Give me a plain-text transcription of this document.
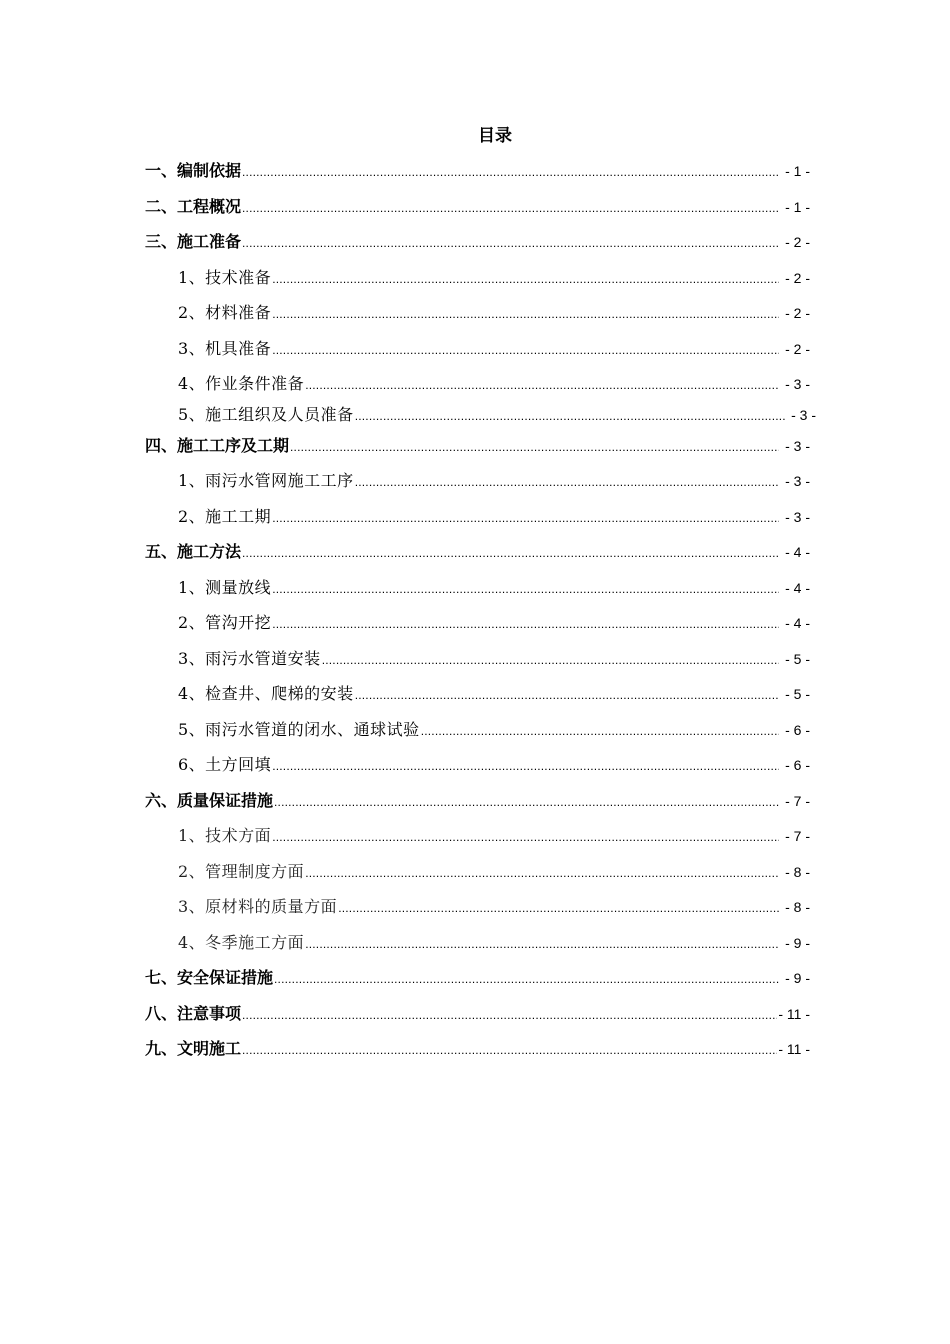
目录
一、编制依据 .....	- 1 -
二、工程概况 .....	- 1 -
三、施工准备 .....	- 2 -
1、技术准备 .....	- 2 -
2、材料准备 .....	- 2 -
3、机具准备 .....	- 2 -
4、作业条件准备 .....	- 3 -
5、施工组织及人员准备 .....	- 3 -
四、施工工序及工期 .....	- 3 -
1、雨污水管网施工工序 .....	- 3 -
2、施工工期 .....	- 3 -
五、施工方法 .....	- 4 -
1、测量放线 .....	- 4 -
2、管沟开挖 .....	- 4 -
3、雨污水管道安装 .....	- 5 -
4、检查井、爬梯的安装 .....	- 5 -
5、雨污水管道的闭水、通球试验 .....	- 6 -
6、土方回填 .....	- 6 -
六、质量保证措施 .....	- 7 -
1、技术方面 .....	- 7 -
2、管理制度方面 .....	- 8 -
3、原材料的质量方面 .....	- 8 -
4、冬季施工方面 .....	- 9 -
七、安全保证措施 .....	- 9 -
八、注意事项 .....	- 11 -
九、文明施工 .....	- 11 -
